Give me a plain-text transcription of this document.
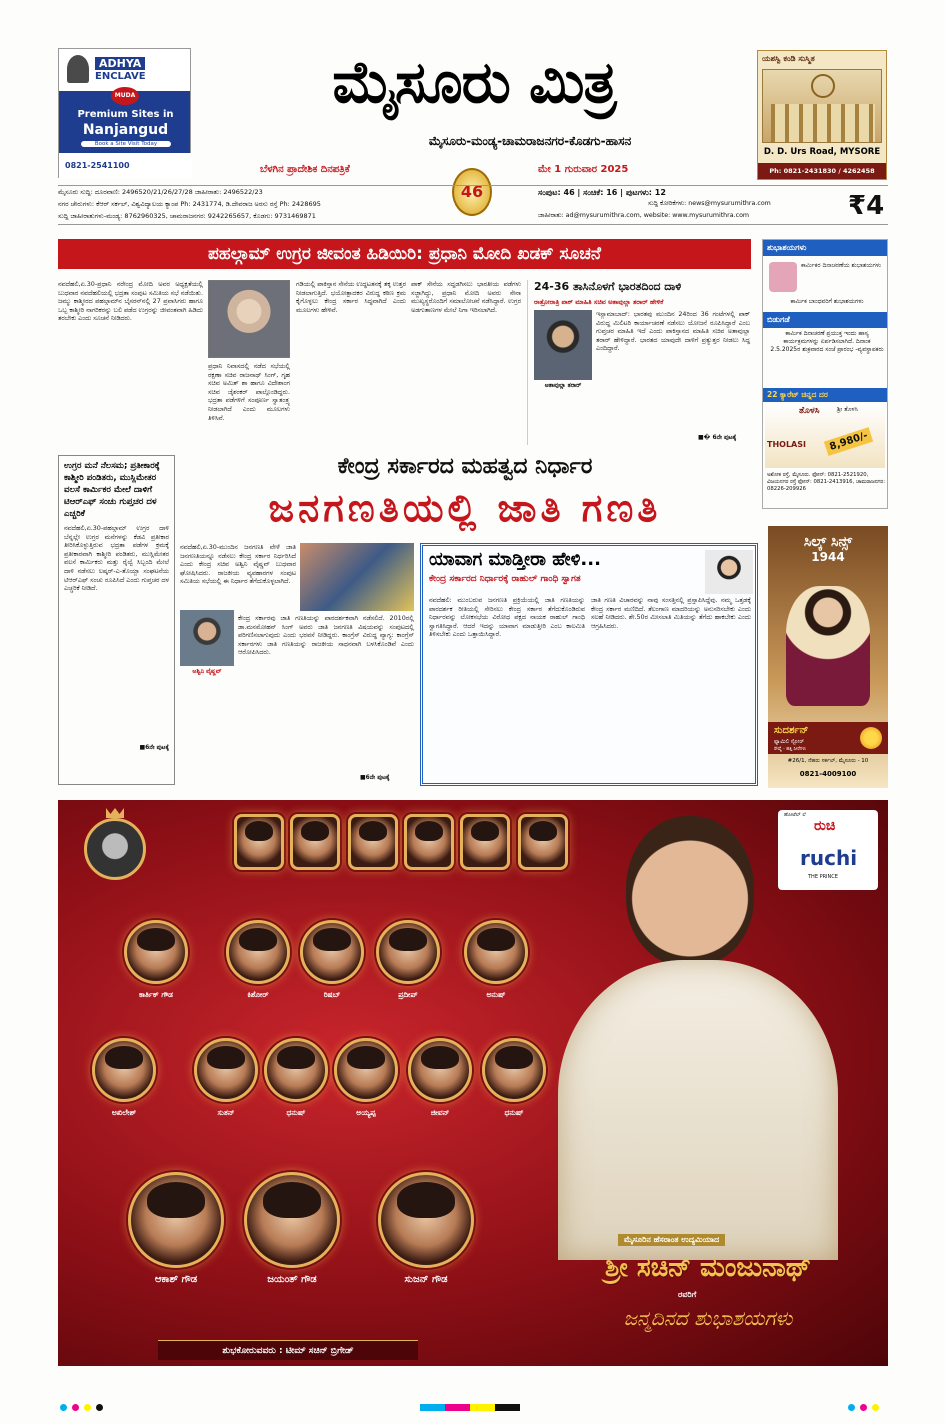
ADHYA
ENCLAVE
MUDA
Premium Sites in
Nanjangud
Book a Site Visit Today
0821-2541100
ಮೈಸೂರು ಮಿತ್ರ
ಮೈಸೂರು-ಮಂಡ್ಯ-ಚಾಮರಾಜನಗರ-ಕೊಡಗು-ಹಾಸನ
ಯಶಸ್ವಿ ಕಂಡಿ ಸುಸ್ಮಿತ
D. D. Urs Road, MYSORE
Ph: 0821-2431830 / 4262458
ಬೆಳಗಿನ ಪ್ರಾದೇಶಿಕ ದಿನಪತ್ರಿಕೆ	ಮೇ 1 ಗುರುವಾರ 2025
46
ಮೈಸೂರು ಸುದ್ದಿ: ದೂರವಾಣಿ: 2496520/21/26/27/28 ಜಾಹೀರಾತು: 2496522/23
ನಗರ ಚೇರುಗಳು: ಕೆಆರ್ ಸರ್ಕಲ್, ವಿಶ್ವವಿದ್ಯಾಲಯ ಕ್ಯಾಂಪ Ph: 2431774, ಡಿ.ದೇವರಾಜ ಅರಸು ರಸ್ತೆ Ph: 2428695
ಸುದ್ದಿ ಜಾಹೀರಾತುಗಳು-ಮಂಡ್ಯ: 8762960325, ಚಾಮರಾಜನಗರ: 9242265657, ಕೊಡಗು: 9731469871
ಸಂಪುಟ: 46 | ಸಂಚಿಕೆ: 16 | ಪುಟಗಳು: 12
ಸುದ್ದಿ ಕೋರಿಕೆಗಳು: news@mysurumithra.com
ಜಾಹೀರಾತು: ad@mysurumithra.com, website: www.mysurumithra.com	₹4
ಪಹಲ್ಗಾಮ್ ಉಗ್ರರ ಜೀವಂತ ಹಿಡಿಯಿರಿ: ಪ್ರಧಾನಿ ಮೋದಿ ಖಡಕ್ ಸೂಚನೆ
ನವದೆಹಲಿ,ಏ.30-ಪ್ರಧಾನಿ ನರೇಂದ್ರ ಮೋದಿ ಅವರ ಅಧ್ಯಕ್ಷತೆಯಲ್ಲಿ ಬುಧವಾರ ನವದೆಹಲಿಯಲ್ಲಿ ಭದ್ರತಾ ಸಂಪುಟ ಸಮಿತಿಯ ಸಭೆ ನಡೆಯಿತು. ಜಮ್ಮು ಕಾಶ್ಮೀರದ ಪಹಲ್ಗಾಮ್‍ನ ಬೈಸರನ್‍ನಲ್ಲಿ 27 ಪ್ರವಾಸಿಗರು ಹಾಗೂ ಒಬ್ಬ ಕಾಶ್ಮೀರಿ ನಾಗರಿಕರನ್ನು ಬಲಿ ಪಡೆದ ಉಗ್ರರನ್ನು ಜೀವಂತವಾಗಿ ಹಿಡಿದು ತರಬೇಕು ಎಂದು ಸೂಚನೆ ನೀಡಿದರು.
ಪ್ರಧಾನಿ ನಿವಾಸದಲ್ಲಿ ನಡೆದ ಸಭೆಯಲ್ಲಿ ರಕ್ಷಣಾ ಸಚಿವ ರಾಜನಾಥ್ ಸಿಂಗ್, ಗೃಹ ಸಚಿವ ಅಮಿತ್ ಶಾ ಹಾಗೂ ವಿದೇಶಾಂಗ ಸಚಿವ ಜೈಶಂಕರ್ ಪಾಲ್ಗೊಂಡಿದ್ದರು. ಭದ್ರತಾ ಪಡೆಗಳಿಗೆ ಸಂಪೂರ್ಣ ಸ್ವಾತಂತ್ರ್ಯ ನೀಡಲಾಗಿದೆ ಎಂದು ಮೂಲಗಳು ತಿಳಿಸಿವೆ.
ಗಡಿಯಲ್ಲಿ ಪಾಕಿಸ್ತಾನ ಸೇನೆಯ ಉದ್ಧಟತನಕ್ಕೆ ತಕ್ಕ ಉತ್ತರ ನೀಡಲಾಗುತ್ತಿದೆ. ಭಯೋತ್ಪಾದಕರ ವಿರುದ್ಧ ಕಠಿಣ ಕ್ರಮ ಕೈಗೊಳ್ಳಲು ಕೇಂದ್ರ ಸರ್ಕಾರ ಸಿದ್ಧವಾಗಿದೆ ಎಂದು ಮೂಲಗಳು ಹೇಳಿವೆ.
ಪಾಕ್ ಸೇನೆಯ ಸದ್ದಡಗಿಸಲು ಭಾರತೀಯ ಪಡೆಗಳು ಸಜ್ಜಾಗಿದ್ದು, ಪ್ರಧಾನಿ ಮೋದಿ ಅವರು ಸೇನಾ ಮುಖ್ಯಸ್ಥರೊಂದಿಗೆ ಸಮಾಲೋಚನೆ ನಡೆಸಿದ್ದಾರೆ. ಉಗ್ರರ ಅಡಗುತಾಣಗಳ ಮೇಲೆ ನಿಗಾ ಇರಿಸಲಾಗಿದೆ.
24-36 ತಾಸಿನೊಳಗೆ ಭಾರತದಿಂದ ದಾಳಿ
ರಾತ್ರೋರಾತ್ರಿ ಪಾಕ್ ಮಾಹಿತಿ ಸಚಿವ ಅತಾವುಲ್ಲಾ ತರಾರ್ ಹೇಳಿಕೆ
ಅತಾವುಲ್ಲಾ ತರಾರ್
ಇಸ್ಲಾಮಾಬಾದ್: ಭಾರತವು ಮುಂದಿನ 24ರಿಂದ 36 ಗಂಟೆಗಳಲ್ಲಿ ಪಾಕ್ ವಿರುದ್ಧ ಮಿಲಿಟರಿ ಕಾರ್ಯಾಚರಣೆ ನಡೆಸಲು ಯೋಜನೆ ರೂಪಿಸಿದ್ದಾರೆ ಎಂಬ ಗುಪ್ತಚರ ಮಾಹಿತಿ ಇದೆ ಎಂದು ಪಾಕಿಸ್ತಾನದ ಮಾಹಿತಿ ಸಚಿವ ಅತಾವುಲ್ಲಾ ತರಾರ್ ಹೇಳಿದ್ದಾರೆ. ಭಾರತದ ಯಾವುದೇ ದಾಳಿಗೆ ಪ್ರತ್ಯುತ್ತರ ನೀಡಲು ಸಿದ್ಧ ಎಂದಿದ್ದಾರೆ.
■� 6ನೇ ಪುಟಕ್ಕೆ
ಶುಭಾಶಯಗಳು
ಕಾರ್ಮಿಕರ ದಿನಾಚರಣೆಯ ಶುಭಾಶಯಗಳು
ಕಾರ್ಮಿಕ ಬಾಂಧವರಿಗೆ ಶುಭಾಶಯಗಳು
ಬಿಡುಗಡೆ
ಕಾರ್ಮಿಕ ದಿನಾಚರಣೆ ಪ್ರಯುಕ್ತ ಇಂದು ಹಾಸ್ಯ ಕಾರ್ಯಕ್ರಮಗಳನ್ನು ಏರ್ಪಡಿಸಲಾಗಿದೆ. ದಿನಾಂಕ 2.5.2025ರ ಶುಕ್ರವಾರದ ಸಂಜೆ ಪ್ರಾರಂಭ -ವ್ಯವಸ್ಥಾಪಕರು
22 ಕ್ಯಾರೆಟ್ ಚಿನ್ನದ ದರ
ತೊಳಸಿ
THOLASI	8,980/-
ಶ್ರೀ ತೊಳಸಿ
ಅಶೋಕ ರಸ್ತೆ, ಮೈಸೂರು. ಫೋನ್: 0821-2521920, ವಿಜಯನಗರ ರಸ್ತೆ ಫೋನ್: 0821-2413916, ಚಾಮರಾಜನಗರ: 08226-209926
ಉಗ್ರರ ಮನೆ ನೆಲಸಮ; ಪ್ರತೀಕಾರಕ್ಕೆ ಕಾಶ್ಮೀರಿ ಪಂಡಿತರು, ಮುಸ್ಲಿಮೇತರ ವಲಸೆ ಕಾರ್ಮಿಕರ ಮೇಲೆ ದಾಳಿಗೆ ಟಿಆರ್‌ಎಫ್ ಸಂಚು ಗುಪ್ತಚರ ದಳ ಎಚ್ಚರಿಕೆ
ನವದೆಹಲಿ,ಏ.30-ಪಹಲ್ಗಾಮ್ ಉಗ್ರರ ದಾಳಿ ಬೆನ್ನಲ್ಲೇ ಉಗ್ರರ ಮನೆಗಳನ್ನು ಕೆಡವಿ ಪ್ರತೀಕಾರ ತೀರಿಸಿಕೊಳ್ಳುತ್ತಿರುವ ಭದ್ರತಾ ಪಡೆಗಳ ಕ್ರಮಕ್ಕೆ ಪ್ರತೀಕಾರವಾಗಿ ಕಾಶ್ಮೀರಿ ಪಂಡಿತರು, ಮುಸ್ಲಿಮೇತರ ವಲಸೆ ಕಾರ್ಮಿಕರು ಮತ್ತು ರೈಲ್ವೆ ಸಿಬ್ಬಂದಿ ಮೇಲೆ ದಾಳಿ ನಡೆಸಲು ಲಷ್ಕರ್-ಎ-ತೊಯ್ಬಾ ಸಂಘಟನೆಯ ಟಿಆರ್‌ಎಫ್ ಸಂಚು ರೂಪಿಸಿದೆ ಎಂದು ಗುಪ್ತಚರ ದಳ ಎಚ್ಚರಿಕೆ ನೀಡಿದೆ.
■6ನೇ ಪುಟಕ್ಕೆ
ಕೇಂದ್ರ ಸರ್ಕಾರದ ಮಹತ್ವದ ನಿರ್ಧಾರ
ಜನಗಣತಿಯಲ್ಲಿ ಜಾತಿ ಗಣತಿ
ನವದೆಹಲಿ,ಏ.30-ಮುಂದಿನ ಜನಗಣತಿ ವೇಳೆ ಜಾತಿ ಜನಗಣತಿಯನ್ನೂ ನಡೆಸಲು ಕೇಂದ್ರ ಸರ್ಕಾರ ನಿರ್ಧರಿಸಿದೆ ಎಂದು ಕೇಂದ್ರ ಸಚಿವ ಅಶ್ವಿನಿ ವೈಷ್ಣವ್ ಬುಧವಾರ ಘೋಷಿಸಿದರು. ರಾಜಕೀಯ ವ್ಯವಹಾರಗಳ ಸಂಪುಟ ಸಮಿತಿಯ ಸಭೆಯಲ್ಲಿ ಈ ನಿರ್ಧಾರ ತೆಗೆದುಕೊಳ್ಳಲಾಗಿದೆ.
ಅಶ್ವಿನಿ ವೈಷ್ಣವ್
ಕೇಂದ್ರ ಸರ್ಕಾರವು ಜಾತಿ ಗಣತಿಯನ್ನು ಪಾರದರ್ಶಕವಾಗಿ ನಡೆಸಲಿದೆ. 2010ರಲ್ಲಿ ಡಾ.ಮನಮೋಹನ್ ಸಿಂಗ್ ಅವರು ಜಾತಿ ಜನಗಣತಿ ವಿಷಯವನ್ನು ಸಂಪುಟದಲ್ಲಿ ಪರಿಗಣಿಸಲಾಗುವುದು ಎಂದು ಭರವಸೆ ನೀಡಿದ್ದರು. ಕಾಂಗ್ರೆಸ್ ವಿರುದ್ಧ ವ್ಯಾಗ್ಯ: ಕಾಂಗ್ರೆಸ್ ಸರ್ಕಾರಗಳು ಜಾತಿ ಗಣತಿಯನ್ನು ರಾಜಕೀಯ ಸಾಧನವಾಗಿ ಬಳಸಿಕೊಂಡಿವೆ ಎಂದು ಆರೋಪಿಸಿದರು.
■6ನೇ ಪುಟಕ್ಕೆ
ಯಾವಾಗ ಮಾಡ್ತೀರಾ ಹೇಳಿ...
ಕೇಂದ್ರ ಸರ್ಕಾರದ ನಿರ್ಧಾರಕ್ಕೆ ರಾಹುಲ್ ಗಾಂಧಿ ಸ್ವಾಗತ
ನವದೆಹಲಿ: ಮುಂಬರುವ ಜನಗಣತಿ ಪ್ರಕ್ರಿಯೆಯಲ್ಲಿ ಜಾತಿ ಗಣತಿಯನ್ನು ಪಾರದರ್ಶಕ ರೀತಿಯಲ್ಲಿ ಸೇರಿಸಲು ಕೇಂದ್ರ ಸರ್ಕಾರ ತೆಗೆದುಕೊಂಡಿರುವ ನಿರ್ಧಾರವನ್ನು ಲೋಕಸಭೆಯ ವಿರೋಧ ಪಕ್ಷದ ನಾಯಕ ರಾಹುಲ್ ಗಾಂಧಿ ಸ್ವಾಗತಿಸಿದ್ದಾರೆ. ಆದರೆ ಇದನ್ನು ಯಾವಾಗ ಮಾಡುತ್ತೀರಿ ಎಂಬ ಕಾಲಮಿತಿ ತಿಳಿಸಬೇಕು ಎಂದು ಒತ್ತಾಯಿಸಿದ್ದಾರೆ.
ಜಾತಿ ಗಣತಿ ವಿಚಾರವನ್ನು ನಾವು ಸಂಸತ್ತಿನಲ್ಲಿ ಪ್ರಸ್ತಾಪಿಸಿದ್ದೆವು. ನಮ್ಮ ಒತ್ತಡಕ್ಕೆ ಕೇಂದ್ರ ಸರ್ಕಾರ ಮಣಿದಿದೆ. ತೆಲಂಗಾಣ ಮಾದರಿಯನ್ನು ಅನುಸರಿಸಬೇಕು ಎಂದು ಸಲಹೆ ನೀಡಿದರು. ಶೇ.50ರ ಮೀಸಲಾತಿ ಮಿತಿಯನ್ನು ತೆಗೆದು ಹಾಕಬೇಕು ಎಂದು ಆಗ್ರಹಿಸಿದರು.
ಸಿಲ್ಕ್ ಸಿನ್ಸ್
1944
ಸುದರ್ಶನ್
ಫ್ಯಾಮಿಲಿ ಸ್ಟೋರ್
ರೇಷ್ಮೆ - ಹತ್ತಿ ಸೀರೆಗಳು
#26/1, ನೆಹರು ಸರ್ಕಲ್, ಮೈಸೂರು - 10
0821-4009100
ಕಾರ್ತಿಕ್ ಗೌಡ	ಕಿಶೋರ್	ರಿಷಬ್	ಪ್ರದೀಪ್	ಅನುಷ್
ಅಖಿಲೇಶ್	ಸುತನ್	ಧನುಷ್	ಅಯ್ಯಪ್ಪ	ಜೀವನ್	ಧನುಷ್
ಆಕಾಶ್ ಗೌಡ	ಜಯಂತ್ ಗೌಡ	ಸುಜನ್ ಗೌಡ
ಹೋಟೆಲ್ ಲೆ
ರುಚಿ
ruchi
THE PRINCE
ಮೈಸೂರಿನ ಹೆಸರಾಂತ ಉದ್ಯಮಿಯಾದ
ಶ್ರೀ ಸಚಿನ್ ಮಂಜುನಾಥ್
ರವರಿಗೆ
ಜನ್ಮದಿನದ ಶುಭಾಶಯಗಳು
ಶುಭಕೋರುವವರು : ಟೀಮ್ ಸಚಿನ್ ಬ್ರಿಗೇಡ್
